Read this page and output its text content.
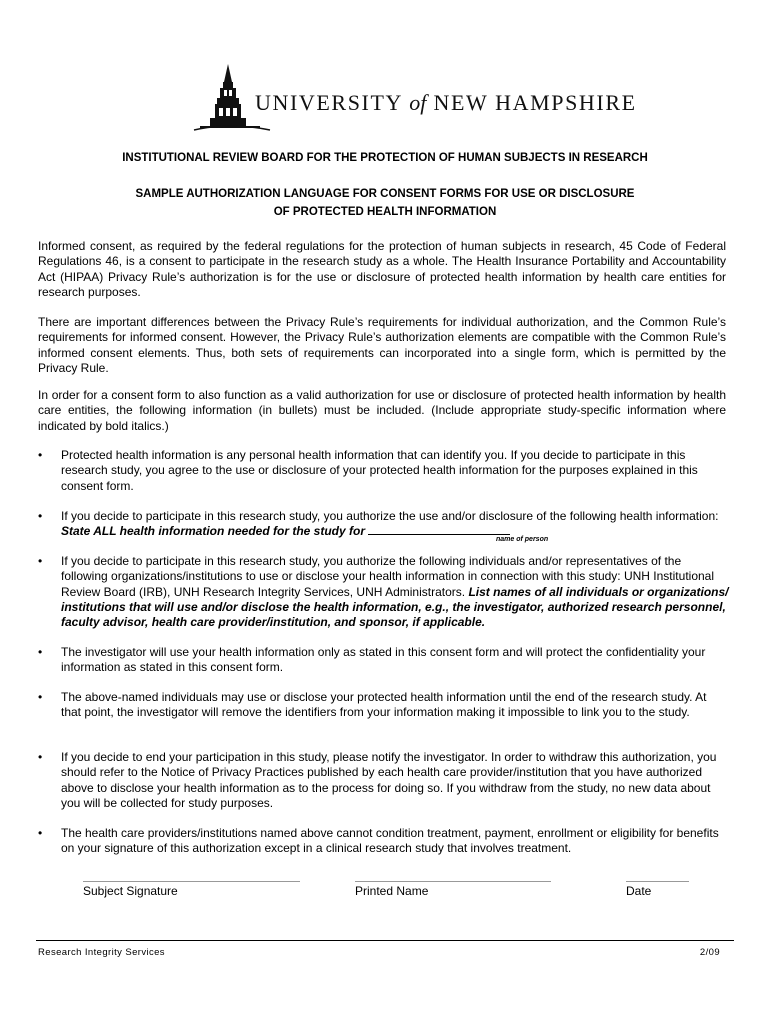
UNIVERSITY of NEW HAMPSHIRE
INSTITUTIONAL REVIEW BOARD FOR THE PROTECTION OF HUMAN SUBJECTS IN RESEARCH
SAMPLE AUTHORIZATION LANGUAGE FOR CONSENT FORMS FOR USE OR DISCLOSURE
OF PROTECTED HEALTH INFORMATION
Informed consent, as required by the federal regulations for the protection of human subjects in research, 45 Code of Federal Regulations 46, is a consent to participate in the research study as a whole. The Health Insurance Portability and Accountability Act (HIPAA) Privacy Rule’s authorization is for the use or disclosure of protected health information by health care entities for research purposes.
There are important differences between the Privacy Rule’s requirements for individual authorization, and the Common Rule’s requirements for informed consent. However, the Privacy Rule’s authorization elements are compatible with the Common Rule’s informed consent elements. Thus, both sets of requirements can incorporated into a single form, which is permitted by the Privacy Rule.
In order for a consent form to also function as a valid authorization for use or disclosure of protected health information by health care entities, the following information (in bullets) must be included. (Include appropriate study-specific information where indicated by bold italics.)
•	Protected health information is any personal health information that can identify you. If you decide to participate in this research study, you agree to the use or disclosure of your protected health information for the purposes explained in this consent form.
•	If you decide to participate in this research study, you authorize the use and/or disclosure of the following health information: State ALL health information needed for the study for
name of person
•	If you decide to participate in this research study, you authorize the following individuals and/or representatives of the following organizations/institutions to use or disclose your health information in connection with this study: UNH Institutional Review Board (IRB), UNH Research Integrity Services, UNH Administrators. List names of all individuals or organizations/ institutions that will use and/or disclose the health information, e.g., the investigator, authorized research personnel, faculty advisor, health care provider/institution, and sponsor, if applicable.
•	The investigator will use your health information only as stated in this consent form and will protect the confidentiality your information as stated in this consent form.
•	The above-named individuals may use or disclose your protected health information until the end of the research study. At that point, the investigator will remove the identifiers from your information making it impossible to link you to the study.
•	If you decide to end your participation in this study, please notify the investigator. In order to withdraw this authorization, you should refer to the Notice of Privacy Practices published by each health care provider/institution that you have authorized above to disclose your health information as to the process for doing so. If you withdraw from the study, no new data about you will be collected for study purposes.
•	The health care providers/institutions named above cannot condition treatment, payment, enrollment or eligibility for benefits on your signature of this authorization except in a clinical research study that involves treatment.
Subject Signature	Printed Name	Date
Research Integrity Services	2/09
